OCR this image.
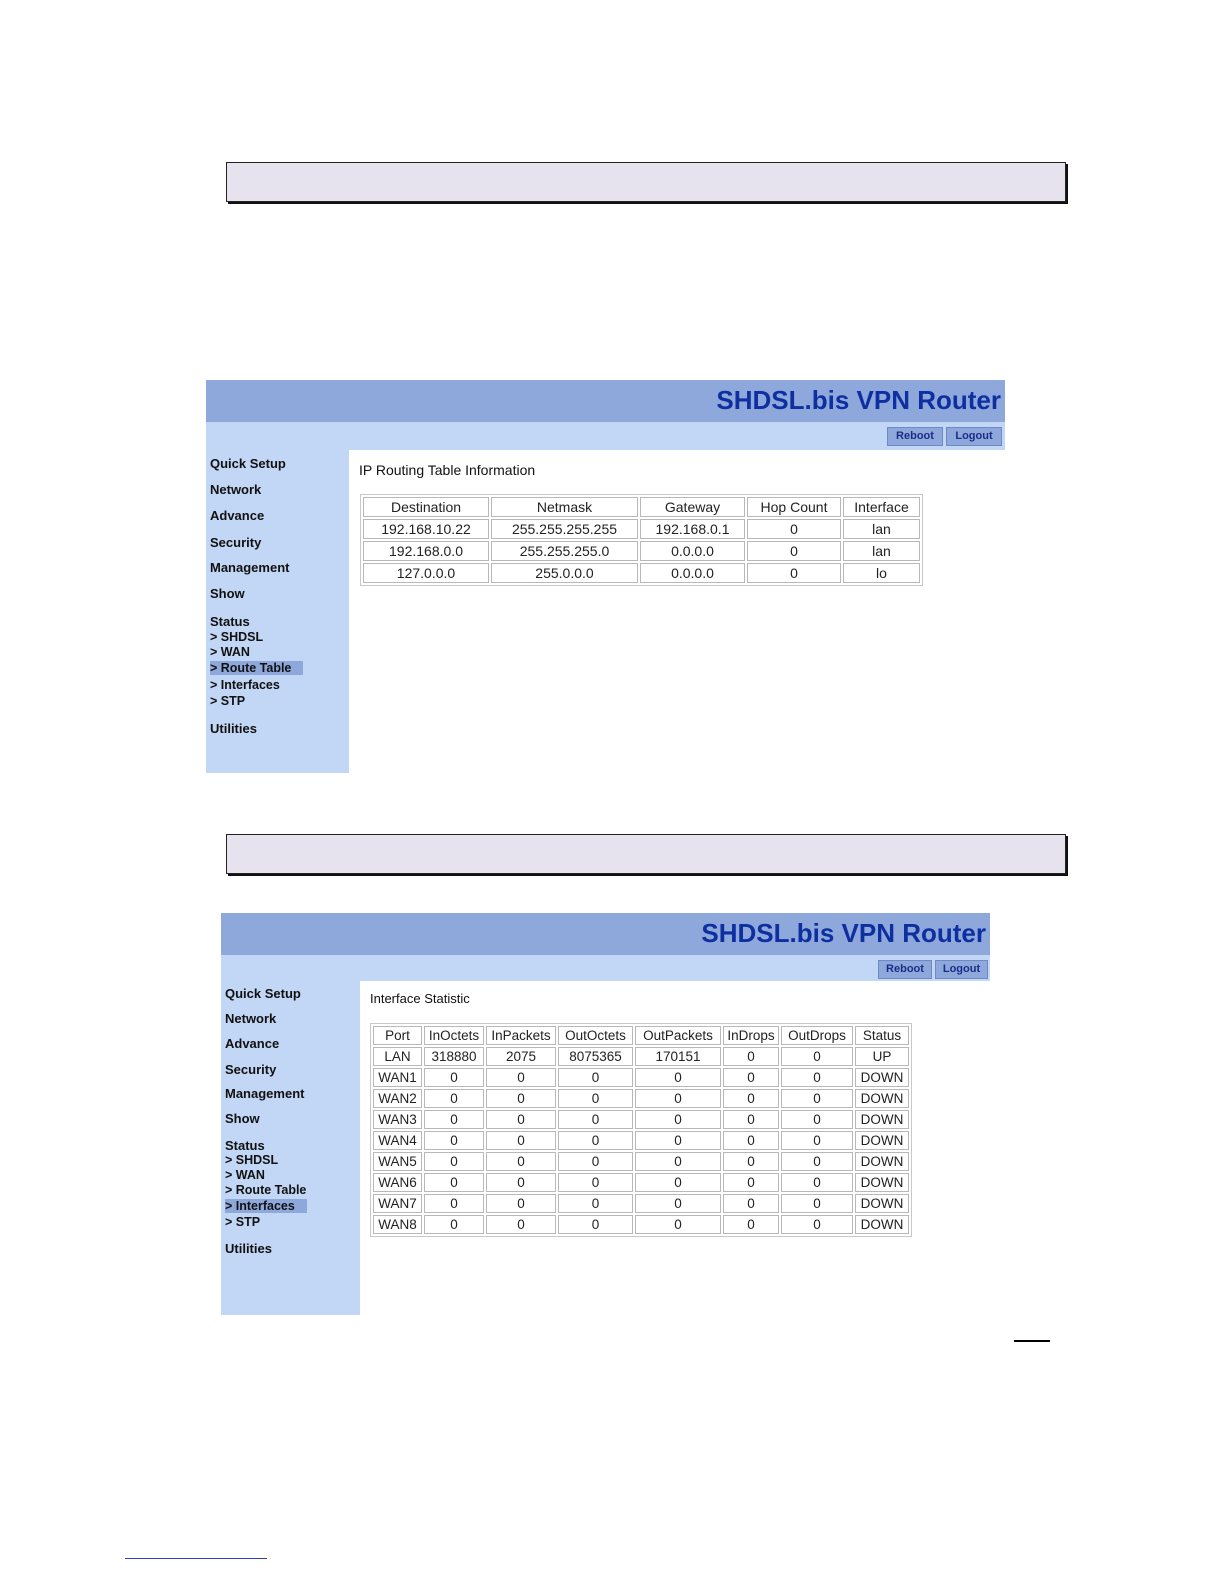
SHDSL.bis VPN Router
Reboot	Logout
Quick Setup
Network
Advance
Security
Management
Show
Status
> SHDSL
> WAN
> Route Table
> Interfaces
> STP
Utilities
IP Routing Table Information
Destination	Netmask	Gateway	Hop Count	Interface
192.168.10.22	255.255.255.255	192.168.0.1	0	lan
192.168.0.0	255.255.255.0	0.0.0.0	0	lan
127.0.0.0	255.0.0.0	0.0.0.0	0	lo
SHDSL.bis VPN Router
Reboot	Logout
Quick Setup
Network
Advance
Security
Management
Show
Status
> SHDSL
> WAN
> Route Table
> Interfaces
> STP
Utilities
Interface Statistic
Port	InOctets	InPackets	OutOctets	OutPackets	InDrops	OutDrops	Status
LAN	318880	2075	8075365	170151	0	0	UP
WAN1	0	0	0	0	0	0	DOWN
WAN2	0	0	0	0	0	0	DOWN
WAN3	0	0	0	0	0	0	DOWN
WAN4	0	0	0	0	0	0	DOWN
WAN5	0	0	0	0	0	0	DOWN
WAN6	0	0	0	0	0	0	DOWN
WAN7	0	0	0	0	0	0	DOWN
WAN8	0	0	0	0	0	0	DOWN
